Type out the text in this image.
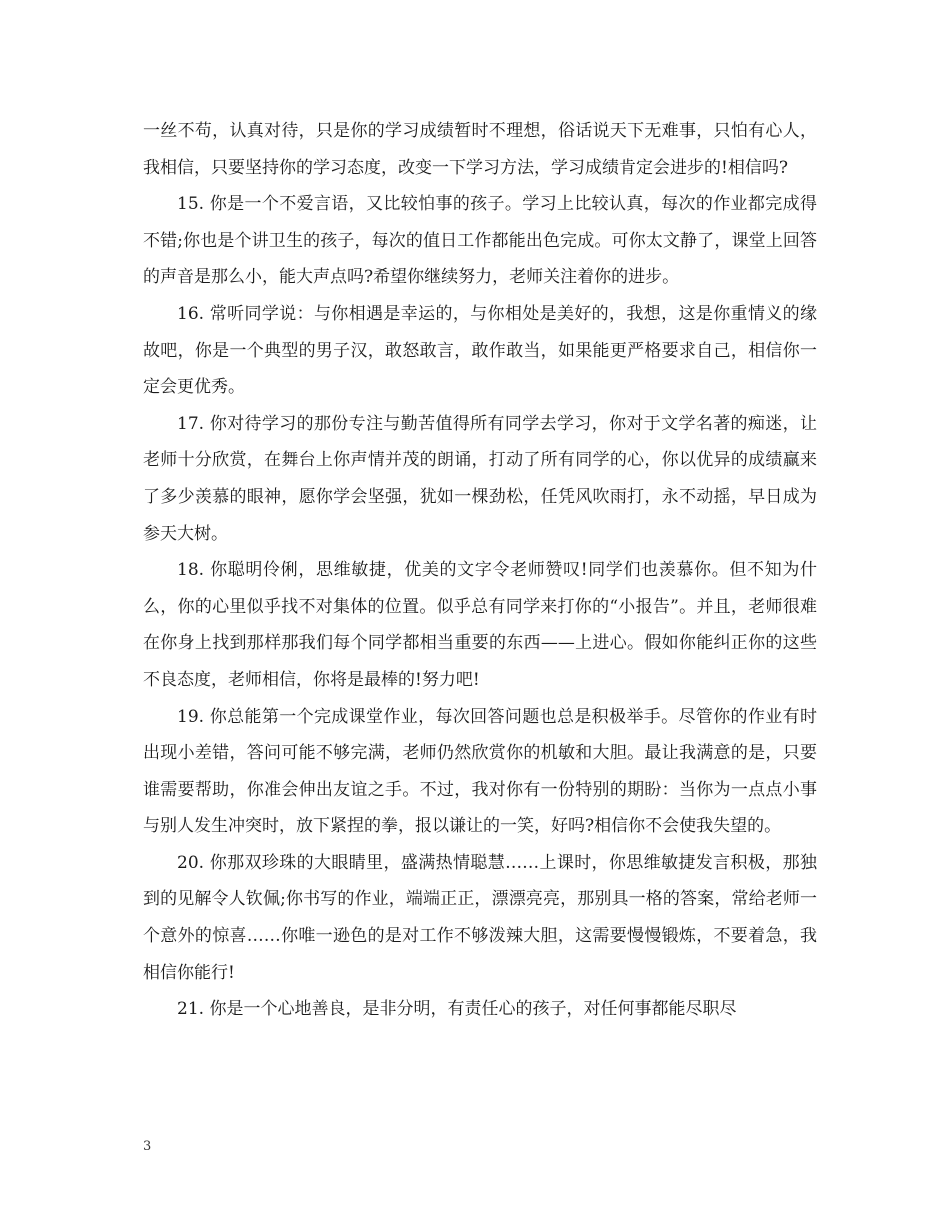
一丝不苟，认真对待，只是你的学习成绩暂时不理想，俗话说天下无难事，只怕有心人，我相信，只要坚持你的学习态度，改变一下学习方法，学习成绩肯定会进步的!相信吗?

15. 你是一个不爱言语，又比较怕事的孩子。学习上比较认真，每次的作业都完成得不错;你也是个讲卫生的孩子，每次的值日工作都能出色完成。可你太文静了，课堂上回答的声音是那么小，能大声点吗?希望你继续努力，老师关注着你的进步。

16. 常听同学说：与你相遇是幸运的，与你相处是美好的，我想，这是你重情义的缘故吧，你是一个典型的男子汉，敢怒敢言，敢作敢当，如果能更严格要求自己，相信你一定会更优秀。

17. 你对待学习的那份专注与勤苦值得所有同学去学习，你对于文学名著的痴迷，让老师十分欣赏，在舞台上你声情并茂的朗诵，打动了所有同学的心，你以优异的成绩赢来了多少羡慕的眼神，愿你学会坚强，犹如一棵劲松，任凭风吹雨打，永不动摇，早日成为参天大树。

18. 你聪明伶俐，思维敏捷，优美的文字令老师赞叹!同学们也羡慕你。但不知为什么，你的心里似乎找不对集体的位置。似乎总有同学来打你的“小报告”。并且，老师很难在你身上找到那样那我们每个同学都相当重要的东西——上进心。假如你能纠正你的这些不良态度，老师相信，你将是最棒的!努力吧!

19. 你总能第一个完成课堂作业，每次回答问题也总是积极举手。尽管你的作业有时出现小差错，答问可能不够完满，老师仍然欣赏你的机敏和大胆。最让我满意的是，只要谁需要帮助，你准会伸出友谊之手。不过，我对你有一份特别的期盼：当你为一点点小事与别人发生冲突时，放下紧捏的拳，报以谦让的一笑，好吗?相信你不会使我失望的。

20. 你那双珍珠的大眼睛里，盛满热情聪慧……上课时，你思维敏捷发言积极，那独到的见解令人钦佩;你书写的作业，端端正正，漂漂亮亮，那别具一格的答案，常给老师一个意外的惊喜……你唯一逊色的是对工作不够泼辣大胆，这需要慢慢锻炼，不要着急，我相信你能行!

21. 你是一个心地善良，是非分明，有责任心的孩子，对任何事都能尽职尽

3
